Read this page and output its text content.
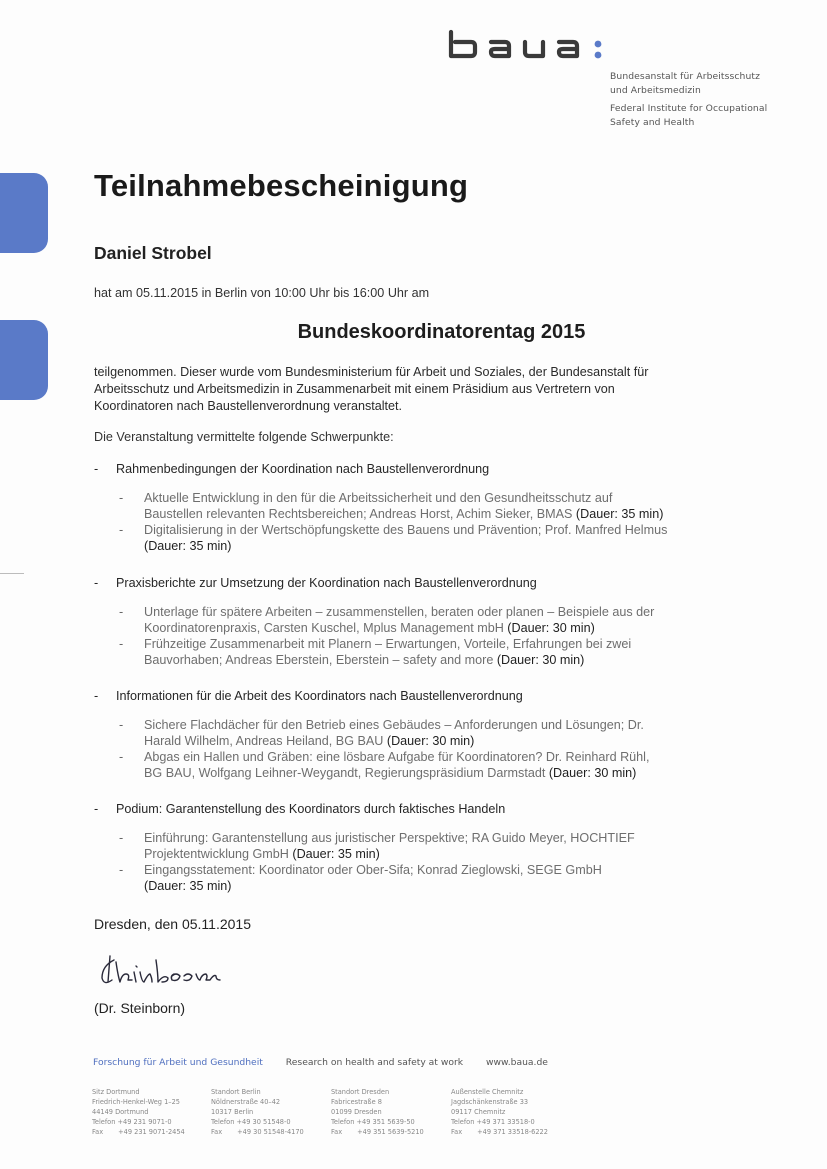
Bundesanstalt für Arbeitsschutz
und Arbeitsmedizin
Federal Institute for Occupational
Safety and Health
Teilnahmebescheinigung
Daniel Strobel
hat am 05.11.2015 in Berlin von 10:00 Uhr bis 16:00 Uhr am
Bundeskoordinatorentag 2015
teilgenommen. Dieser wurde vom Bundesministerium für Arbeit und Soziales, der Bundesanstalt für
Arbeitsschutz und Arbeitsmedizin in Zusammenarbeit mit einem Präsidium aus Vertretern von
Koordinatoren nach Baustellenverordnung veranstaltet.
Die Veranstaltung vermittelte folgende Schwerpunkte:
- Rahmenbedingungen der Koordination nach Baustellenverordnung
- Aktuelle Entwicklung in den für die Arbeitssicherheit und den Gesundheitsschutz auf
Baustellen relevanten Rechtsbereichen; Andreas Horst, Achim Sieker, BMAS (Dauer: 35 min)
- Digitalisierung in der Wertschöpfungskette des Bauens und Prävention; Prof. Manfred Helmus
(Dauer: 35 min)
- Praxisberichte zur Umsetzung der Koordination nach Baustellenverordnung
- Unterlage für spätere Arbeiten – zusammenstellen, beraten oder planen – Beispiele aus der
Koordinatorenpraxis, Carsten Kuschel, Mplus Management mbH (Dauer: 30 min)
- Frühzeitige Zusammenarbeit mit Planern – Erwartungen, Vorteile, Erfahrungen bei zwei
Bauvorhaben; Andreas Eberstein, Eberstein – safety and more (Dauer: 30 min)
- Informationen für die Arbeit des Koordinators nach Baustellenverordnung
- Sichere Flachdächer für den Betrieb eines Gebäudes – Anforderungen und Lösungen; Dr.
Harald Wilhelm, Andreas Heiland, BG BAU (Dauer: 30 min)
- Abgas ein Hallen und Gräben: eine lösbare Aufgabe für Koordinatoren? Dr. Reinhard Rühl,
BG BAU, Wolfgang Leihner-Weygandt, Regierungspräsidium Darmstadt (Dauer: 30 min)
- Podium: Garantenstellung des Koordinators durch faktisches Handeln
- Einführung: Garantenstellung aus juristischer Perspektive; RA Guido Meyer, HOCHTIEF
Projektentwicklung GmbH (Dauer: 35 min)
- Eingangsstatement: Koordinator oder Ober-Sifa; Konrad Zieglowski, SEGE GmbH
(Dauer: 35 min)
Dresden, den 05.11.2015
(Dr. Steinborn)
Forschung für Arbeit und Gesundheit Research on health and safety at work www.baua.de
Sitz Dortmund
Friedrich-Henkel-Weg 1–25
44149 Dortmund
Telefon +49 231 9071-0
Fax +49 231 9071-2454
Standort Berlin
Nöldnerstraße 40–42
10317 Berlin
Telefon +49 30 51548-0
Fax +49 30 51548-4170
Standort Dresden
Fabricestraße 8
01099 Dresden
Telefon +49 351 5639-50
Fax +49 351 5639-5210
Außenstelle Chemnitz
Jagdschänkenstraße 33
09117 Chemnitz
Telefon +49 371 33518-0
Fax +49 371 33518-6222
